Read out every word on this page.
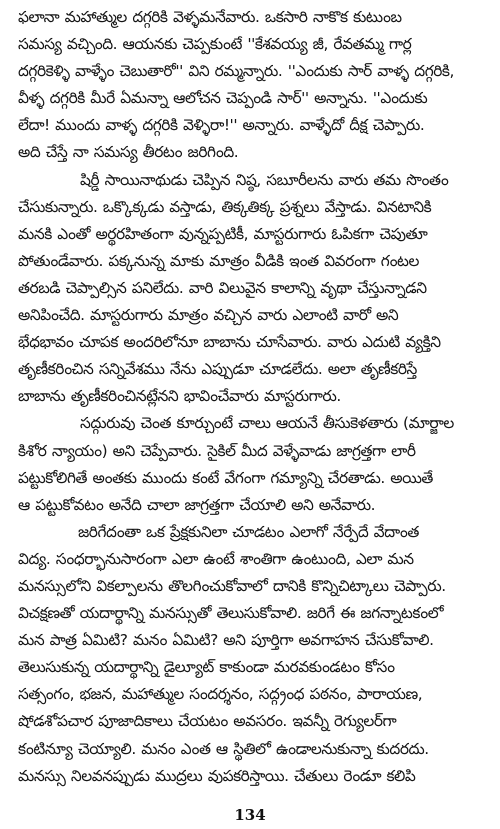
ఫలానా మహాత్ముల దగ్గరికి వెళ్ళమనేవారు. ఒకసారి నాకొక కుటుంబ
సమస్య వచ్చింది. ఆయనకు చెప్పకుంటే ''కేశవయ్య జీ, రేవతమ్మ గార్ల
దగ్గరికెళ్ళి వాళ్ళేం చెబుతారో'' విని రమ్మన్నారు. ''ఎందుకు సార్ వాళ్ళ దగ్గరికి,
వీళ్ళ దగ్గరికి మీరే ఏమన్నా ఆలోచన చెప్పండి సార్'' అన్నాను. ''ఎందుకు
లేదా! ముందు వాళ్ళ దగ్గరికి వెళ్ళిరా!'' అన్నారు. వాళ్ళేదో దీక్ష చెప్పారు.
అది చేస్తే నా సమస్య తీరటం జరిగింది.
షిర్డీ సాయినాథుడు చెప్పిన నిష్ఠ, సబూరీలను వారు తమ సొంతం
చేసుకున్నారు. ఒక్కొక్కడు వస్తాడు, తిక్కతిక్క ప్రశ్నలు వేస్తాడు. వినటానికి
మనకి ఎంతో అర్థరహితంగా వున్నప్పటికీ, మాస్టరుగారు ఓపికగా చెపుతూ
పోతుండేవారు. పక్కనున్న మాకు మాత్రం వీడికి ఇంత వివరంగా గంటల
తరబడి చెప్పాల్సిన పనిలేదు. వారి విలువైన కాలాన్ని వృథా చేస్తున్నాడని
అనిపించేది. మాస్టరుగారు మాత్రం వచ్చిన వారు ఎలాంటి వారో అని
భేధభావం చూపక అందరిలోనూ బాబాను చూసేవారు. వారు ఎదుటి వ్యక్తిని
తృణీకరించిన సన్నివేశము నేను ఎప్పుడూ చూడలేదు. అలా తృణీకరిస్తే
బాబాను తృణీకరించినట్లేనని భావించేవారు మాస్టరుగారు.
సద్గురువు చెంత కూర్చుంటే చాలు ఆయనే తీసుకెళతారు (మార్జాల
కిశోర న్యాయం) అని చెప్పేవారు. సైకిల్ మీద వెళ్ళేవాడు జాగ్రత్తగా లారీ
పట్టుకోలిగితే అంతకు ముందు కంటే వేగంగా గమ్యాన్ని చేరతాడు. అయితే
ఆ పట్టుకోవటం అనేది చాలా జాగ్రత్తగా చేయాలి అని అనేవారు.
జరిగేదంతా ఒక ప్రేక్షకునిలా చూడటం ఎలాగో నేర్పేదే వేదాంత
విద్య. సంధర్భానుసారంగా ఎలా ఉంటే శాంతిగా ఉంటుంది, ఎలా మన
మనస్సులోని వికల్పాలను తొలగించుకోవాలో దానికి కొన్నిచిట్కాలు చెప్పారు.
విచక్షణతో యదార్థాన్ని మనస్సుతో తెలుసుకోవాలి. జరిగే ఈ జగన్నాటకంలో
మన పాత్ర ఏమిటి? మనం ఏమిటి? అని పూర్తిగా అవగాహన చేసుకోవాలి.
తెలుసుకున్న యదార్థాన్ని డైల్యూట్ కాకుండా మరవకుండటం కోసం
సత్సంగం, భజన, మహాత్ముల సందర్శనం, సద్గ్రంధ పఠనం, పారాయణ,
షోడశోపచార పూజాదికాలు చేయటం అవసరం. ఇవన్నీ రెగ్యులర్‌గా
కంటిన్యూ చెయ్యాలి. మనం ఎంత ఆ స్థితిలో ఉండాలనుకున్నా కుదరదు.
మనస్సు నిలవనప్పుడు ముద్రలు వుపకరిస్తాయి. చేతులు రెండూ కలిపి
134
